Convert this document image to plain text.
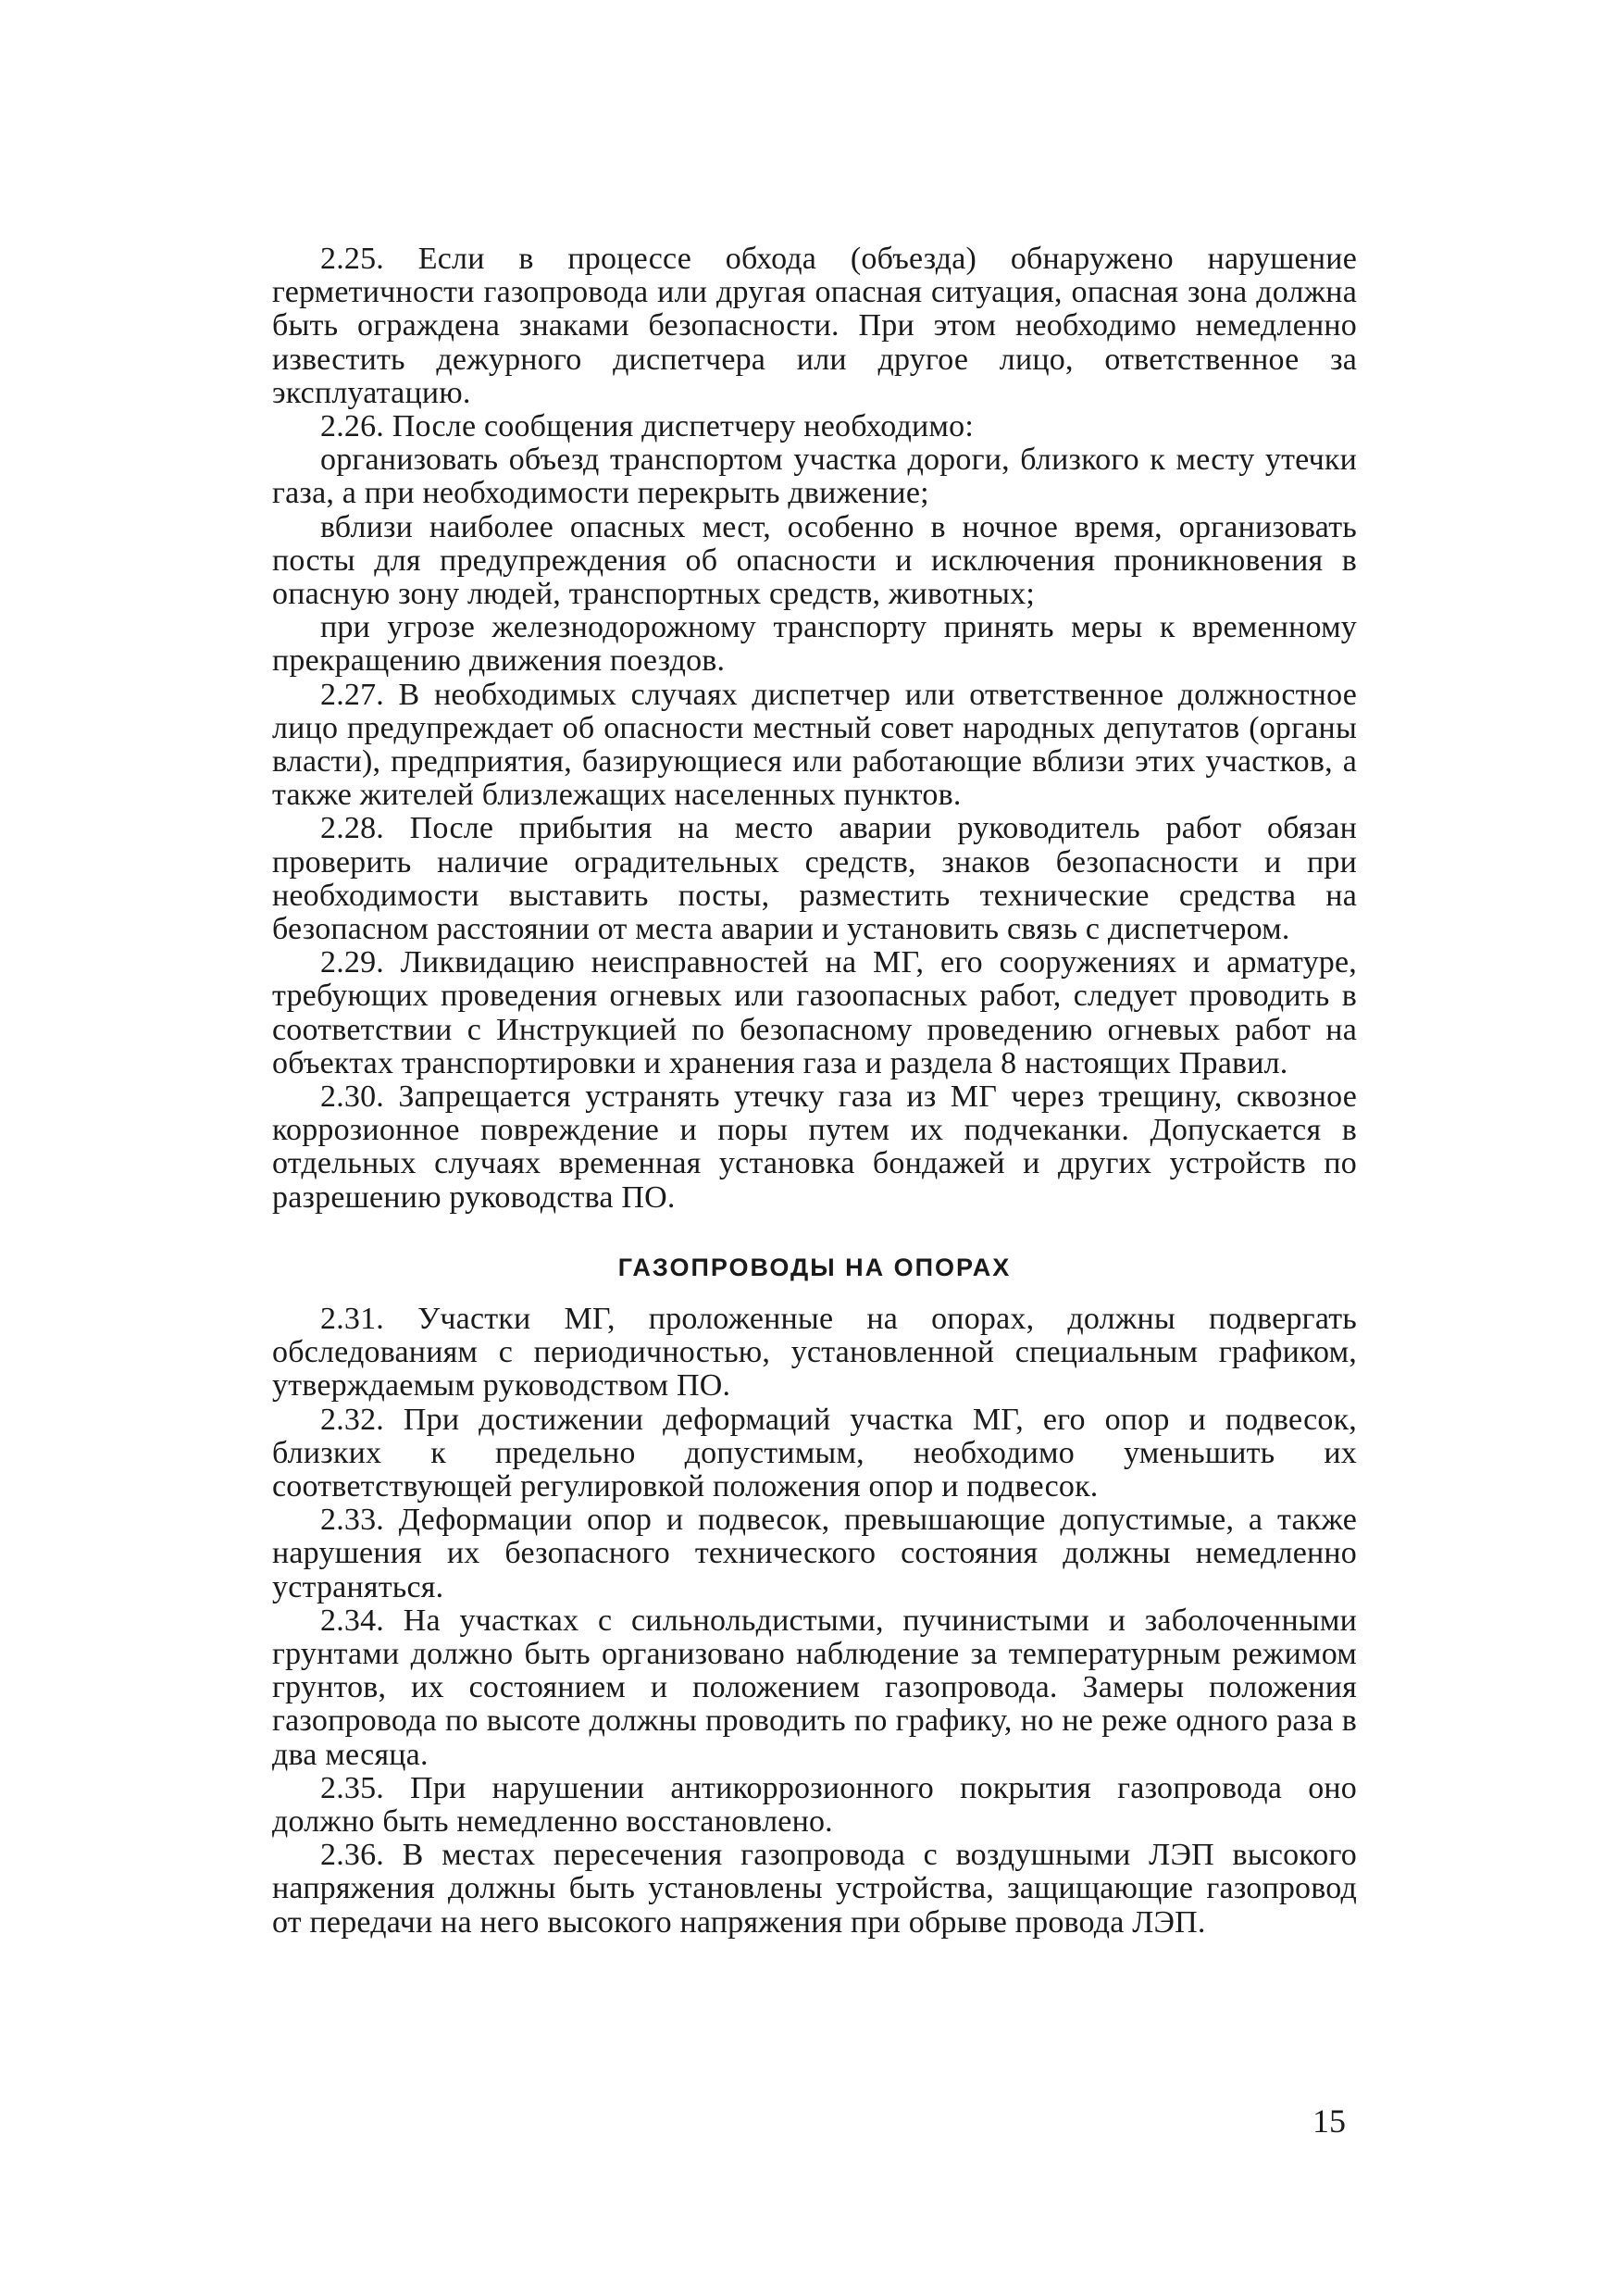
2.25. Если в процессе обхода (объезда) обнаружено нарушение герметичности газопровода или другая опасная ситуация, опасная зона должна быть ограждена знаками безопасности. При этом необходимо немедленно известить дежурного диспетчера или другое лицо, ответственное за эксплуатацию.

2.26. После сообщения диспетчеру необходимо:

организовать объезд транспортом участка дороги, близкого к месту утечки газа, а при необходимости перекрыть движение;

вблизи наиболее опасных мест, особенно в ночное время, организовать посты для предупреждения об опасности и исключения проникновения в опасную зону людей, транспортных средств, животных;

при угрозе железнодорожному транспорту принять меры к временному прекращению движения поездов.

2.27. В необходимых случаях диспетчер или ответственное должностное лицо предупреждает об опасности местный совет народных депутатов (органы власти), предприятия, базирующиеся или работающие вблизи этих участков, а также жителей близлежащих населенных пунктов.

2.28. После прибытия на место аварии руководитель работ обязан проверить наличие оградительных средств, знаков безопасности и при необходимости выставить посты, разместить технические средства на безопасном расстоянии от места аварии и установить связь с диспетчером.

2.29. Ликвидацию неисправностей на МГ, его сооружениях и арматуре, требующих проведения огневых или газоопасных работ, следует проводить в соответствии с Инструкцией по безопасному проведению огневых работ на объектах транспортировки и хранения газа и раздела 8 настоящих Правил.

2.30. Запрещается устранять утечку газа из МГ через трещину, сквозное коррозионное повреждение и поры путем их подчеканки. Допускается в отдельных случаях временная установка бондажей и других устройств по разрешению руководства ПО.

ГАЗОПРОВОДЫ НА ОПОРАХ

2.31. Участки МГ, проложенные на опорах, должны подвергать обследованиям с периодичностью, установленной специальным графиком, утверждаемым руководством ПО.

2.32. При достижении деформаций участка МГ, его опор и подвесок, близких к предельно допустимым, необходимо уменьшить их соответствующей регулировкой положения опор и подвесок.

2.33. Деформации опор и подвесок, превышающие допустимые, а также нарушения их безопасного технического состояния должны немедленно устраняться.

2.34. На участках с сильнольдистыми, пучинистыми и заболоченными грунтами должно быть организовано наблюдение за температурным режимом грунтов, их состоянием и положением газопровода. Замеры положения газопровода по высоте должны проводить по графику, но не реже одного раза в два месяца.

2.35. При нарушении антикоррозионного покрытия газопровода оно должно быть немедленно восстановлено.

2.36. В местах пересечения газопровода с воздушными ЛЭП высокого напряжения должны быть установлены устройства, защищающие газопровод от передачи на него высокого напряжения при обрыве провода ЛЭП.

15
